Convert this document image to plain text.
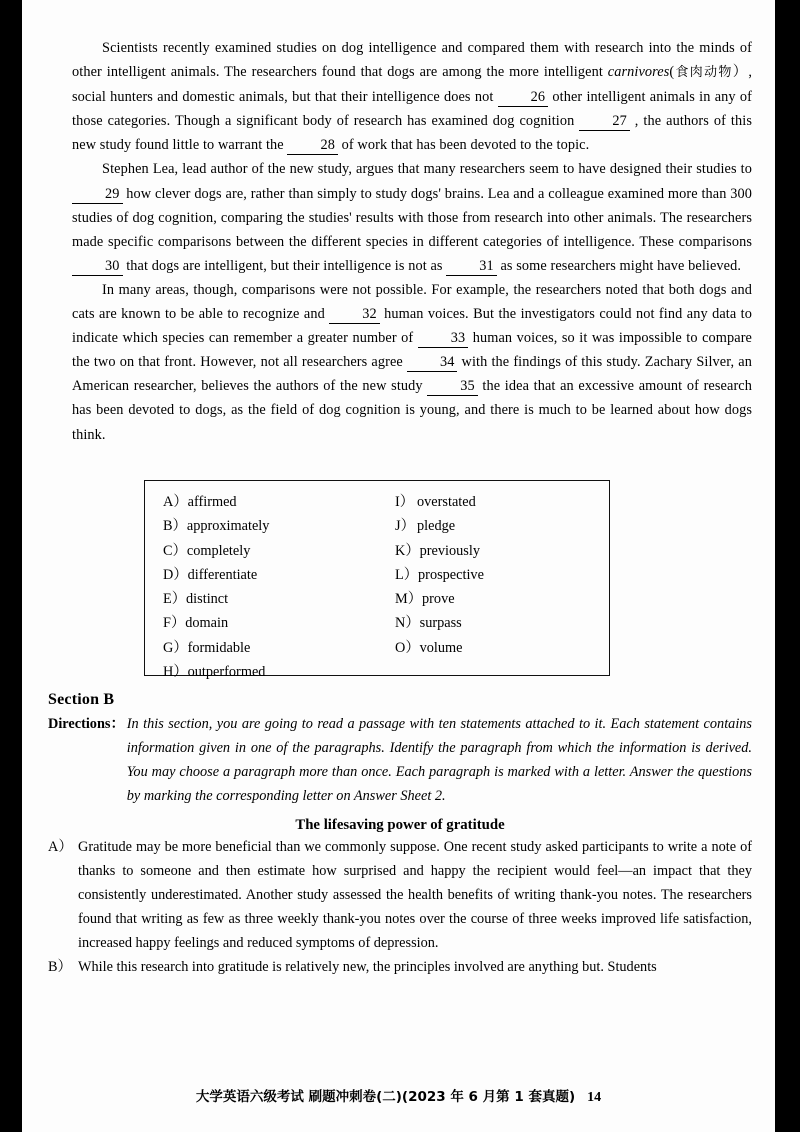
Scientists recently examined studies on dog intelligence and compared them with research into the minds of other intelligent animals. The researchers found that dogs are among the more intelligent carnivores(食肉动物）, social hunters and domestic animals, but that their intelligence does not 26 other intelligent animals in any of those categories. Though a significant body of research has examined dog cognition 27 , the authors of this new study found little to warrant the 28 of work that has been devoted to the topic.

Stephen Lea, lead author of the new study, argues that many researchers seem to have designed their studies to 29 how clever dogs are, rather than simply to study dogs' brains. Lea and a colleague examined more than 300 studies of dog cognition, comparing the studies' results with those from research into other animals. The researchers made specific comparisons between the different species in different categories of intelligence. These comparisons 30 that dogs are intelligent, but their intelligence is not as 31 as some researchers might have believed.

In many areas, though, comparisons were not possible. For example, the researchers noted that both dogs and cats are known to be able to recognize and 32 human voices. But the investigators could not find any data to indicate which species can remember a greater number of 33 human voices, so it was impossible to compare the two on that front. However, not all researchers agree 34 with the findings of this study. Zachary Silver, an American researcher, believes the authors of the new study 35 the idea that an excessive amount of research has been devoted to dogs, as the field of dog cognition is young, and there is much to be learned about how dogs think.

A）affirmed
B）approximately
C）completely
D）differentiate
E）distinct
F）domain
G）formidable
H）outperformed
I） overstated
J） pledge
K）previously
L）prospective
M）prove
N）surpass
O）volume
Section B
Directions： In this section, you are going to read a passage with ten statements attached to it. Each statement contains information given in one of the paragraphs. Identify the paragraph from which the information is derived. You may choose a paragraph more than once. Each paragraph is marked with a letter. Answer the questions by marking the corresponding letter on Answer Sheet 2.
The lifesaving power of gratitude

A） Gratitude may be more beneficial than we commonly suppose. One recent study asked participants to write a note of thanks to someone and then estimate how surprised and happy the recipient would feel—an impact that they consistently underestimated. Another study assessed the health benefits of writing thank-you notes. The researchers found that writing as few as three weekly thank-you notes over the course of three weeks improved life satisfaction, increased happy feelings and reduced symptoms of depression.

B） While this research into gratitude is relatively new, the principles involved are anything but. Students

大学英语六级考试 刷题冲刺卷(二)(2023 年 6 月第 1 套真题) 14
